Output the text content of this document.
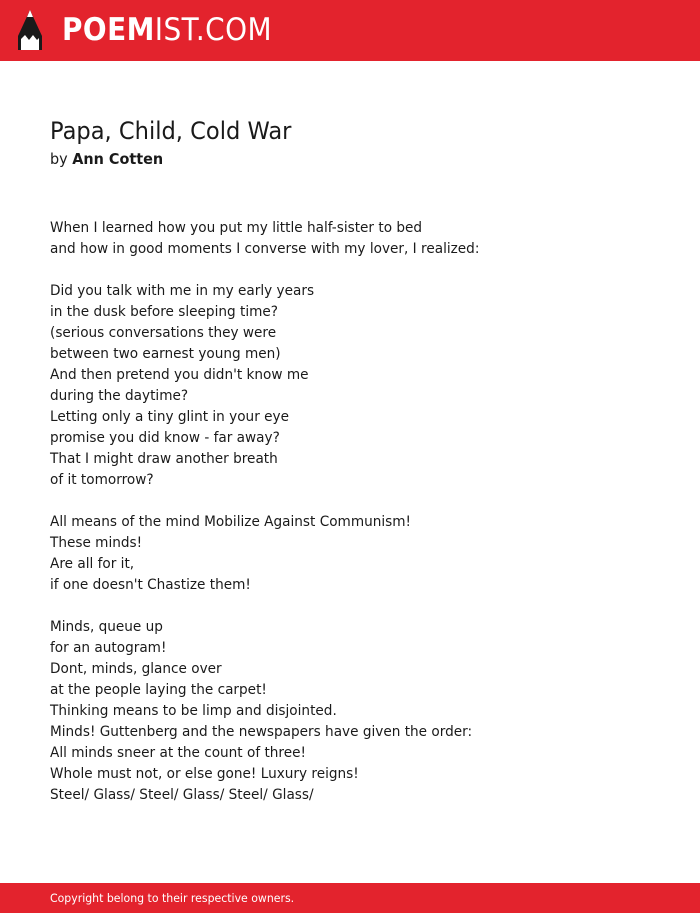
POEMIST.COM
Papa, Child, Cold War
by Ann Cotten
When I learned how you put my little half-sister to bed
and how in good moments I converse with my lover, I realized:
Did you talk with me in my early years
in the dusk before sleeping time?
(serious conversations they were
between two earnest young men)
And then pretend you didn't know me
during the daytime?
Letting only a tiny glint in your eye
promise you did know - far away?
That I might draw another breath
of it tomorrow?
All means of the mind Mobilize Against Communism!
These minds!
Are all for it,
if one doesn't Chastize them!
Minds, queue up
for an autogram!
Dont, minds, glance over
at the people laying the carpet!
Thinking means to be limp and disjointed.
Minds! Guttenberg and the newspapers have given the order:
All minds sneer at the count of three!
Whole must not, or else gone! Luxury reigns!
Steel/ Glass/ Steel/ Glass/ Steel/ Glass/
Copyright belong to their respective owners.
